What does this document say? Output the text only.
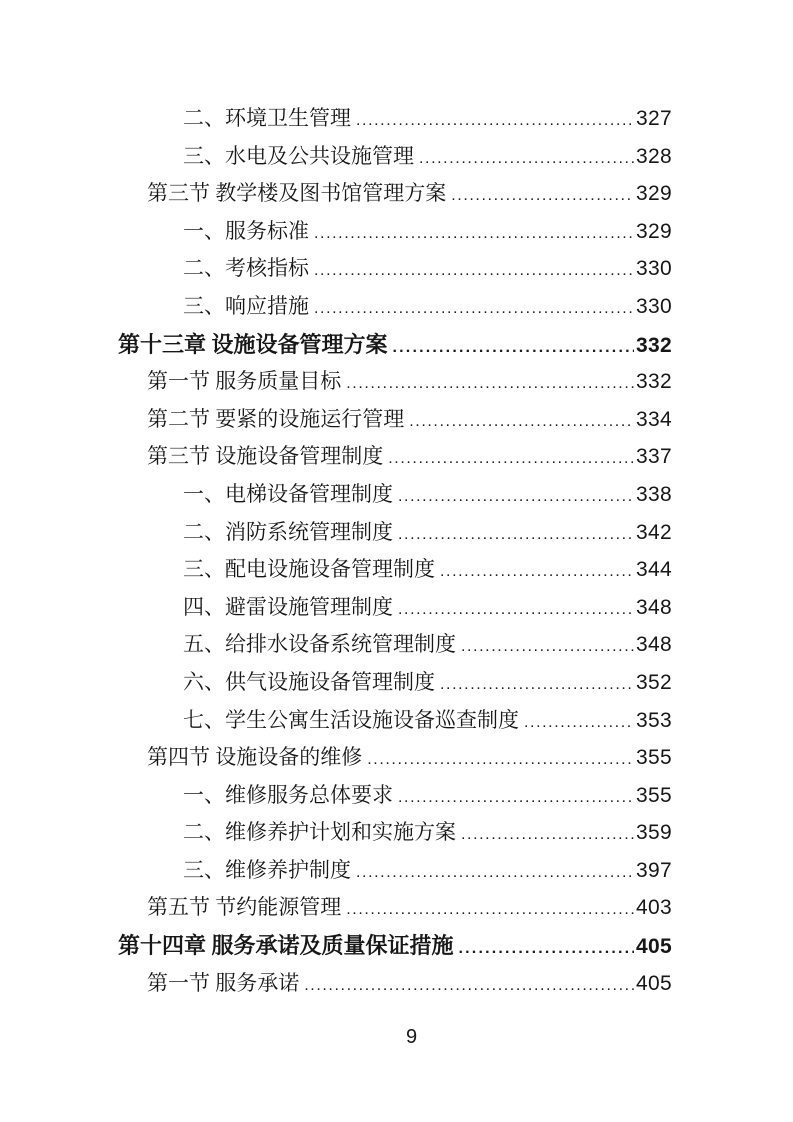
二、环境卫生管理 .....	327
三、水电及公共设施管理 .....	328
第三节 教学楼及图书馆管理方案 .....	329
一、服务标准 .....	329
二、考核指标 .....	330
三、响应措施 .....	330
第十三章 设施设备管理方案 .....	332
第一节 服务质量目标 .....	332
第二节 要紧的设施运行管理 .....	334
第三节 设施设备管理制度 .....	337
一、电梯设备管理制度 .....	338
二、消防系统管理制度 .....	342
三、配电设施设备管理制度 .....	344
四、避雷设施管理制度 .....	348
五、给排水设备系统管理制度 .....	348
六、供气设施设备管理制度 .....	352
七、学生公寓生活设施设备巡查制度 .....	353
第四节 设施设备的维修 .....	355
一、维修服务总体要求 .....	355
二、维修养护计划和实施方案 .....	359
三、维修养护制度 .....	397
第五节 节约能源管理 .....	403
第十四章 服务承诺及质量保证措施 .....	405
第一节 服务承诺 .....	405
9
